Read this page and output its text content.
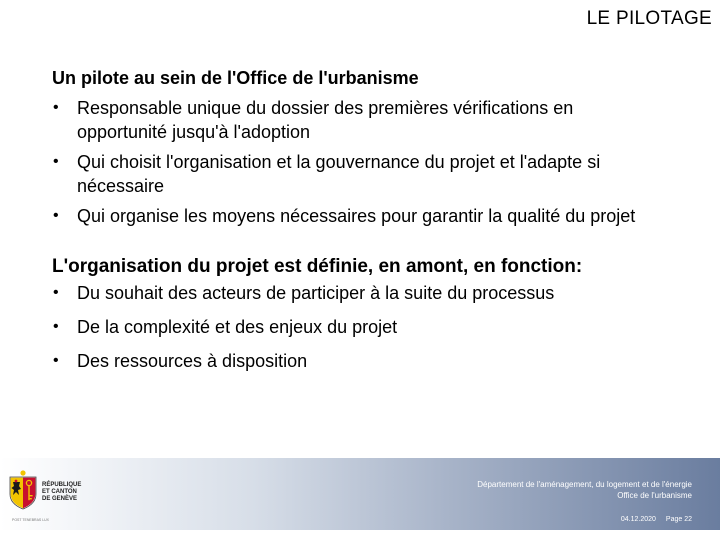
LE PILOTAGE
Un pilote au sein de l'Office de l'urbanisme
• Responsable unique du dossier des premières vérifications en opportunité jusqu'à l'adoption
• Qui choisit l'organisation et la gouvernance du projet et l'adapte si nécessaire
• Qui organise les moyens nécessaires pour garantir la qualité du projet
L'organisation du projet est définie, en amont, en fonction:
• Du souhait des acteurs de participer à la suite du processus
• De la complexité et des enjeux du projet
• Des ressources à disposition
RÉPUBLIQUE
ET CANTON
DE GENÈVE
POST TENEBRAS LUX
Département de l'aménagement, du logement et de l'énergie
Office de l'urbanisme
04.12.2020 Page 22
